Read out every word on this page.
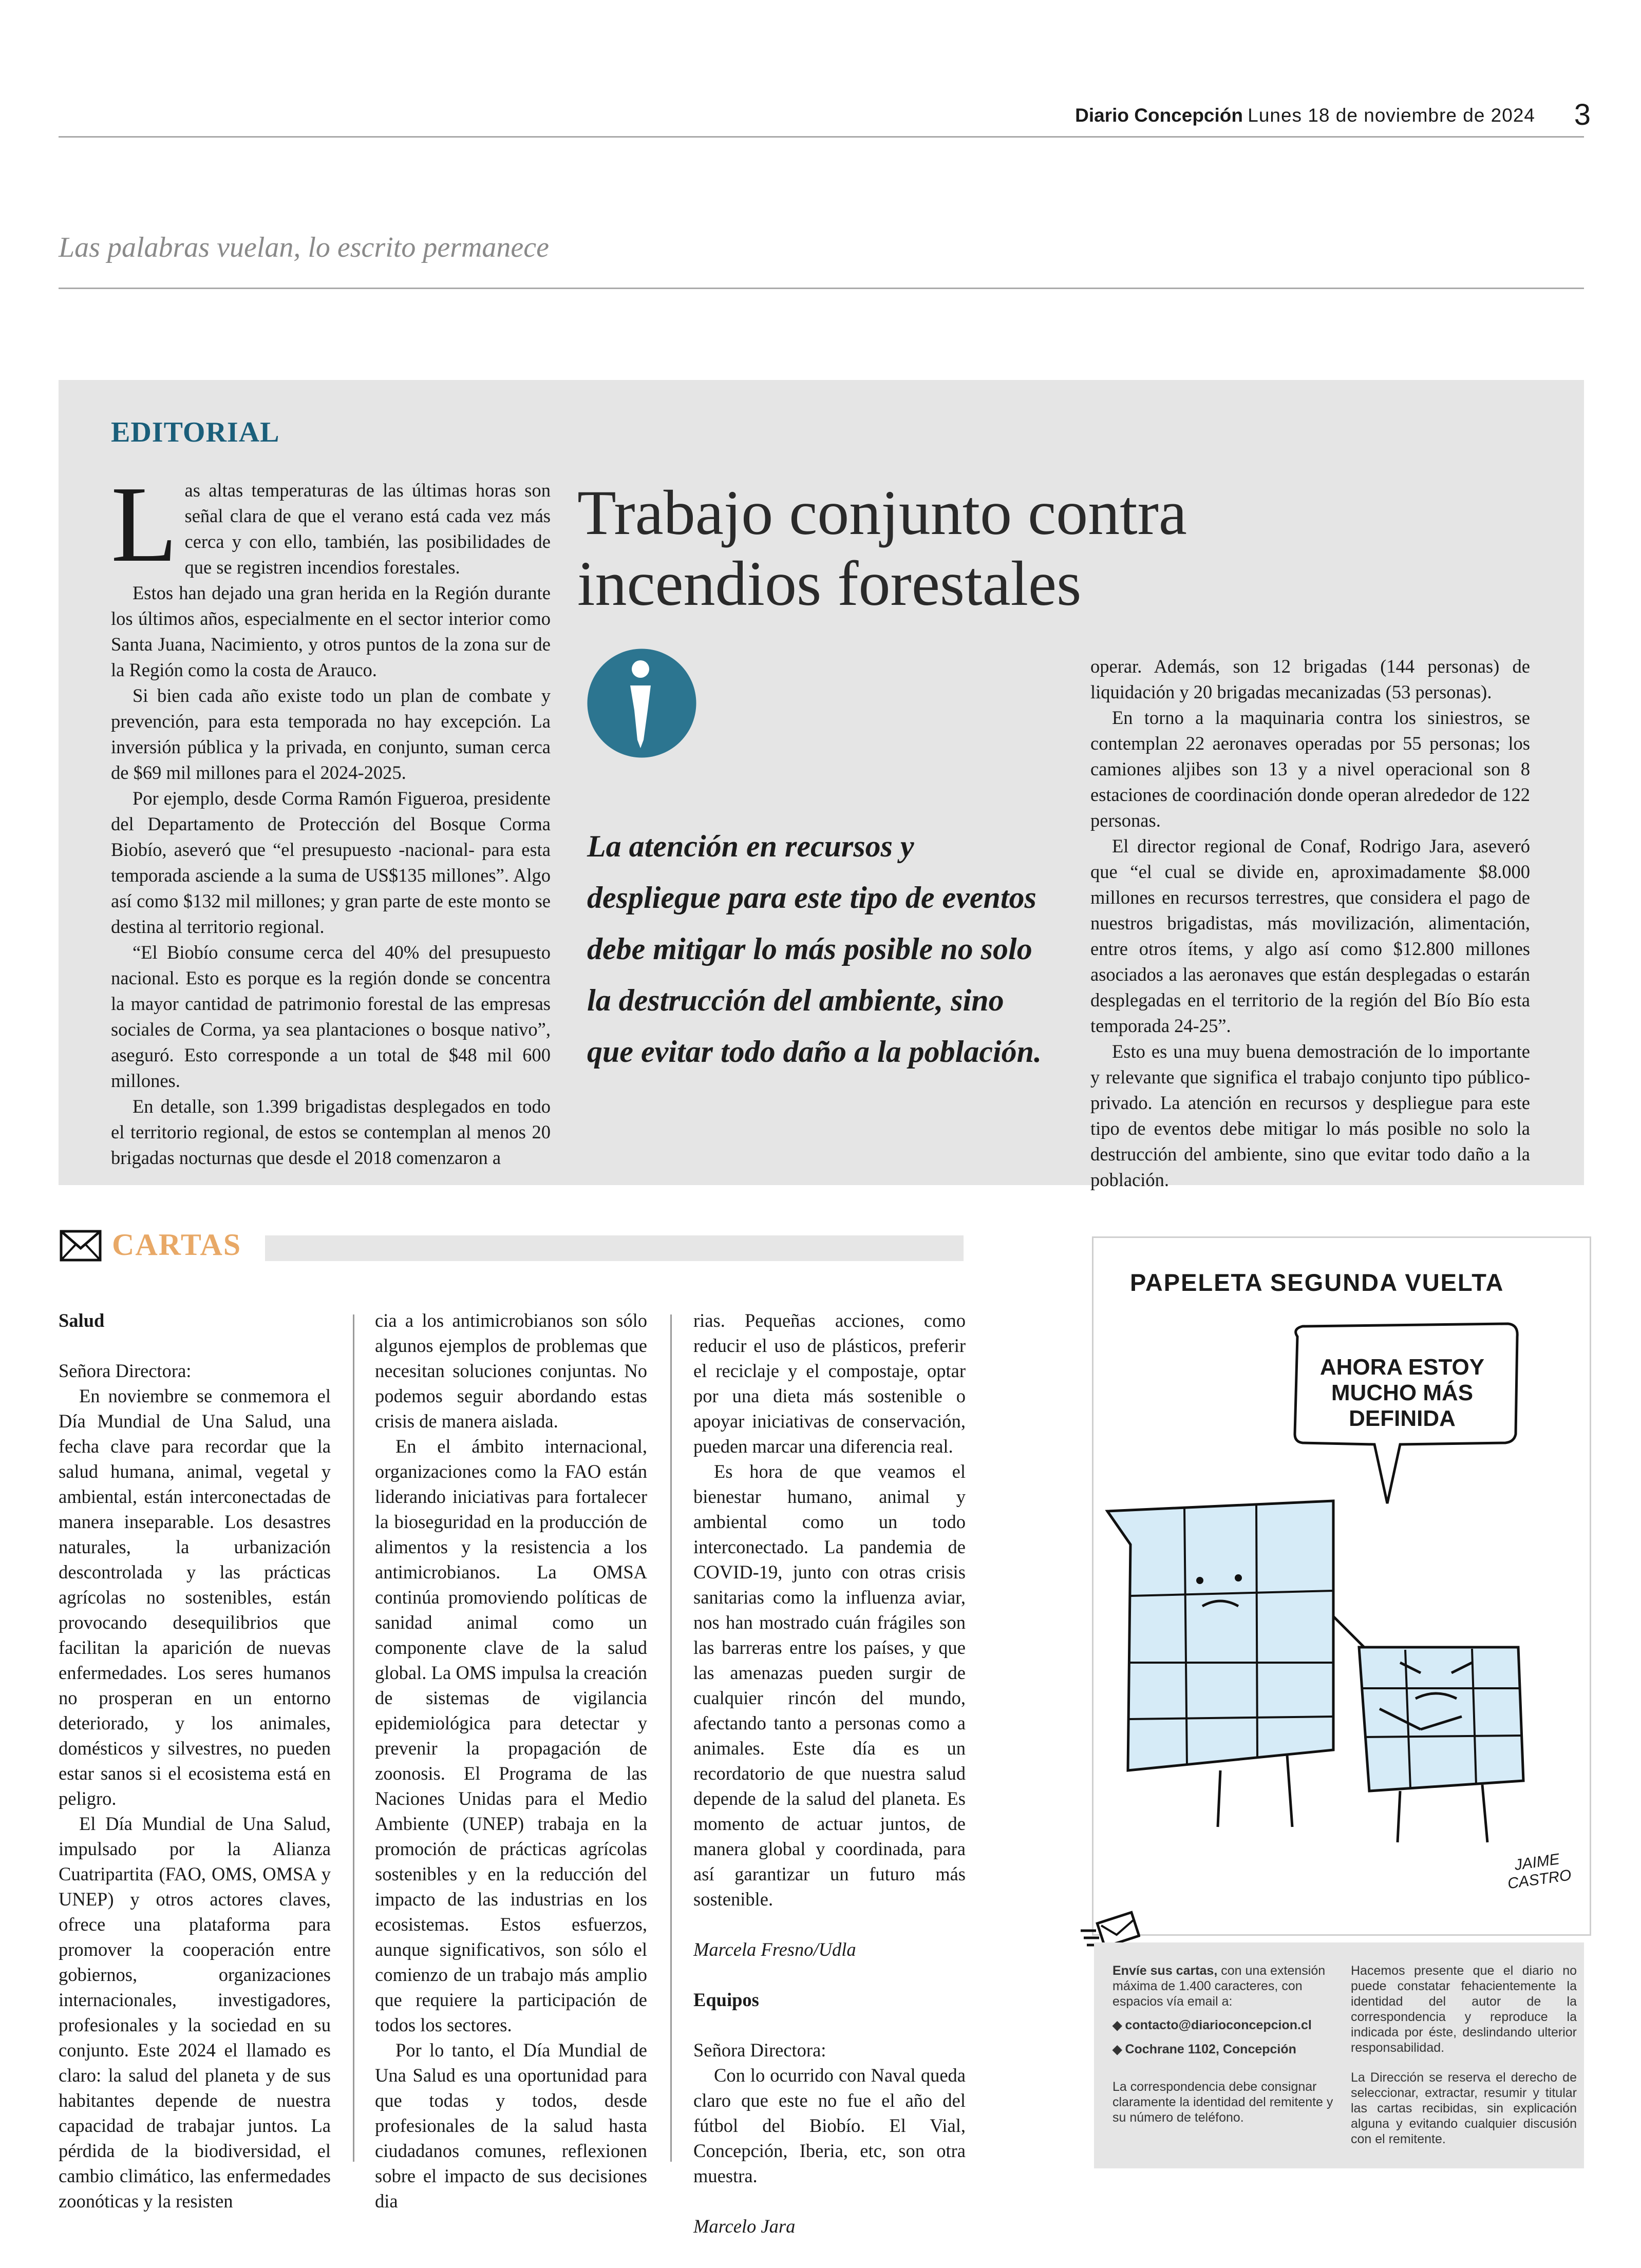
Diario Concepción Lunes 18 de noviembre de 2024 3
Las palabras vuelan, lo escrito permanece
EDITORIAL

Las altas temperaturas de las últimas horas son señal clara de que el verano está cada vez más cerca y con ello, también, las posibilidades de que se registren incendios forestales.

Estos han dejado una gran herida en la Región durante los últimos años, especialmente en el sector interior como Santa Juana, Nacimiento, y otros puntos de la zona sur de la Región como la costa de Arauco.

Si bien cada año existe todo un plan de combate y prevención, para esta temporada no hay excepción. La inversión pública y la privada, en conjunto, suman cerca de $69 mil millones para el 2024-2025.

Por ejemplo, desde Corma Ramón Figueroa, presidente del Departamento de Protección del Bosque Corma Biobío, aseveró que “el presupuesto -nacional- para esta temporada asciende a la suma de US$135 millones”. Algo así como $132 mil millones; y gran parte de este monto se destina al territorio regional.

“El Biobío consume cerca del 40% del presupuesto nacional. Esto es porque es la región donde se concentra la mayor cantidad de patrimonio forestal de las empresas sociales de Corma, ya sea plantaciones o bosque nativo”, aseguró. Esto corresponde a un total de $48 mil 600 millones.

En detalle, son 1.399 brigadistas desplegados en todo el territorio regional, de estos se contemplan al menos 20 brigadas nocturnas que desde el 2018 comenzaron a

Trabajo conjunto contra incendios forestales
La atención en recursos y despliegue para este tipo de eventos debe mitigar lo más posible no solo la destrucción del ambiente, sino que evitar todo daño a la población.

operar. Además, son 12 brigadas (144 personas) de liquidación y 20 brigadas mecanizadas (53 personas).

En torno a la maquinaria contra los siniestros, se contemplan 22 aeronaves operadas por 55 personas; los camiones aljibes son 13 y a nivel operacional son 8 estaciones de coordinación donde operan alrededor de 122 personas.

El director regional de Conaf, Rodrigo Jara, aseveró que “el cual se divide en, aproximadamente $8.000 millones en recursos terrestres, que considera el pago de nuestros brigadistas, más movilización, alimentación, entre otros ítems, y algo así como $12.800 millones asociados a las aeronaves que están desplegadas o estarán desplegadas en el territorio de la región del Bío Bío esta temporada 24-25”.

Esto es una muy buena demostración de lo importante y relevante que significa el trabajo conjunto tipo público-privado. La atención en recursos y despliegue para este tipo de eventos debe mitigar lo más posible no solo la destrucción del ambiente, sino que evitar todo daño a la población.

CARTAS

Salud

Señora Directora:

En noviembre se conmemora el Día Mundial de Una Salud, una fecha clave para recordar que la salud humana, animal, vegetal y ambiental, están interconectadas de manera inseparable. Los desastres naturales, la urbanización descontrolada y las prácticas agrícolas no sostenibles, están provocando desequilibrios que facilitan la aparición de nuevas enfermedades. Los seres humanos no prosperan en un entorno deteriorado, y los animales, domésticos y silvestres, no pueden estar sanos si el ecosistema está en peligro.

El Día Mundial de Una Salud, impulsado por la Alianza Cuatripartita (FAO, OMS, OMSA y UNEP) y otros actores claves, ofrece una plataforma para promover la cooperación entre gobiernos, organizaciones internacionales, investigadores, profesionales y la sociedad en su conjunto. Este 2024 el llamado es claro: la salud del planeta y de sus habitantes depende de nuestra capacidad de trabajar juntos. La pérdida de la biodiversidad, el cambio climático, las enfermedades zoonóticas y la resisten

cia a los antimicrobianos son sólo algunos ejemplos de problemas que necesitan soluciones conjuntas. No podemos seguir abordando estas crisis de manera aislada.

En el ámbito internacional, organizaciones como la FAO están liderando iniciativas para fortalecer la bioseguridad en la producción de alimentos y la resistencia a los antimicrobianos. La OMSA continúa promoviendo políticas de sanidad animal como un componente clave de la salud global. La OMS impulsa la creación de sistemas de vigilancia epidemiológica para detectar y prevenir la propagación de zoonosis. El Programa de las Naciones Unidas para el Medio Ambiente (UNEP) trabaja en la promoción de prácticas agrícolas sostenibles y en la reducción del impacto de las industrias en los ecosistemas. Estos esfuerzos, aunque significativos, son sólo el comienzo de un trabajo más amplio que requiere la participación de todos los sectores.

Por lo tanto, el Día Mundial de Una Salud es una oportunidad para que todas y todos, desde profesionales de la salud hasta ciudadanos comunes, reflexionen sobre el impacto de sus decisiones dia

rias. Pequeñas acciones, como reducir el uso de plásticos, preferir el reciclaje y el compostaje, optar por una dieta más sostenible o apoyar iniciativas de conservación, pueden marcar una diferencia real.

Es hora de que veamos el bienestar humano, animal y ambiental como un todo interconectado. La pandemia de COVID-19, junto con otras crisis sanitarias como la influenza aviar, nos han mostrado cuán frágiles son las barreras entre los países, y que las amenazas pueden surgir de cualquier rincón del mundo, afectando tanto a personas como a animales. Este día es un recordatorio de que nuestra salud depende de la salud del planeta. Es momento de actuar juntos, de manera global y coordinada, para así garantizar un futuro más sostenible.

Marcela Fresno/Udla

Equipos

Señora Directora:

Con lo ocurrido con Naval queda claro que este no fue el año del fútbol del Biobío. El Vial, Concepción, Iberia, etc, son otra muestra.

Marcelo Jara

PAPELETA SEGUNDA VUELTA
AHORA ESTOY MUCHO MÁS DEFINIDA
JAIME CASTRO
Envíe sus cartas, con una extensión máxima de 1.400 caracteres, con espacios vía email a:
◆ contacto@diarioconcepcion.cl
◆ Cochrane 1102, Concepción
La correspondencia debe consignar claramente la identidad del remitente y su número de teléfono.
Hacemos presente que el diario no puede constatar fehacientemente la identidad del autor de la correspondencia y reproduce la indicada por éste, deslindando ulterior responsabilidad.
La Dirección se reserva el derecho de seleccionar, extractar, resumir y titular las cartas recibidas, sin explicación alguna y evitando cualquier discusión con el remitente.
